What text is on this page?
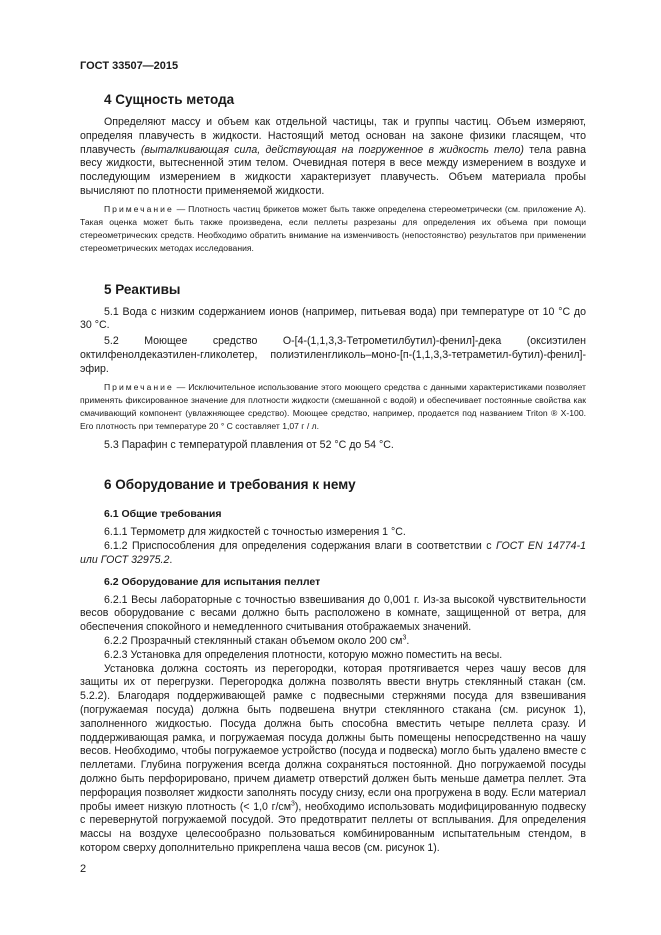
ГОСТ 33507—2015
4 Сущность метода

Определяют массу и объем как отдельной частицы, так и группы частиц. Объем измеряют, определяя плавучесть в жидкости. Настоящий метод основан на законе физики гласящем, что плавучесть (выталкивающая сила, действующая на погруженное в жидкость тело) тела равна весу жидкости, вытесненной этим телом. Очевидная потеря в весе между измерением в воздухе и последующим измерением в жидкости характеризует плавучесть. Объем материала пробы вычисляют по плотности применяемой жидкости.

Примечание — Плотность частиц брикетов может быть также определена стереометрически (см. приложение А). Такая оценка может быть также произведена, если пеллеты разрезаны для определения их объема при помощи стереометрических средств. Необходимо обратить внимание на изменчивость (непостоянство) результатов при применении стереометрических методах исследования.

5 Реактивы

5.1 Вода с низким содержанием ионов (например, питьевая вода) при температуре от 10 °С до 30 °С.

5.2 Моющее средство О-[4-(1,1,3,3-Тетрометилбутил)-фенил]-дека (оксиэтилен октилфенолдекаэтилен-гликолетер, полиэтиленгликоль–моно-[п-(1,1,3,3-тетраметил-бутил)-фенил]-эфир.

Примечание — Исключительное использование этого моющего средства с данными характеристиками позволяет применять фиксированное значение для плотности жидкости (смешанной с водой) и обеспечивает постоянные свойства как смачивающий компонент (увлажняющее средство). Моющее средство, например, продается под названием Triton ® X-100. Его плотность при температуре 20 ° С составляет 1,07 г / л.

5.3 Парафин с температурой плавления от 52 °С до 54 °С.

6 Оборудование и требования к нему
6.1 Общие требования

6.1.1 Термометр для жидкостей с точностью измерения 1 °С.

6.1.2 Приспособления для определения содержания влаги в соответствии с ГОСТ EN 14774-1 или ГОСТ 32975.2.

6.2 Оборудование для испытания пеллет

6.2.1 Весы лабораторные с точностью взвешивания до 0,001 г. Из-за высокой чувствительности весов оборудование с весами должно быть расположено в комнате, защищенной от ветра, для обеспечения спокойного и немедленного считывания отображаемых значений.

6.2.2 Прозрачный стеклянный стакан объемом около 200 $см^3$.

6.2.3 Установка для определения плотности, которую можно поместить на весы.

Установка должна состоять из перегородки, которая протягивается через чашу весов для защиты их от перегрузки. Перегородка должна позволять ввести внутрь стеклянный стакан (см. 5.2.2). Благодаря поддерживающей рамке с подвесными стержнями посуда для взвешивания (погружаемая посуда) должна быть подвешена внутри стеклянного стакана (см. рисунок 1), заполненного жидкостью. Посуда должна быть способна вместить четыре пеллета сразу. И поддерживающая рамка, и погружаемая посуда должны быть помещены непосредственно на чашу весов. Необходимо, чтобы погружаемое устройство (посуда и подвеска) могло быть удалено вместе с пеллетами. Глубина погружения всегда должна сохраняться постоянной. Дно погружаемой посуды должно быть перфорировано, причем диаметр отверстий должен быть меньше даметра пеллет. Эта перфорация позволяет жидкости заполнять посуду снизу, если она прогружена в воду. Если материал пробы имеет низкую плотность (< 1,0 $г/см^3$), необходимо использовать модифицированную подвеску с перевернутой погружаемой посудой. Это предотвратит пеллеты от всплывания. Для определения массы на воздухе целесообразно пользоваться комбинированным испытательным стендом, в котором сверху дополнительно прикреплена чаша весов (см. рисунок 1).

2
